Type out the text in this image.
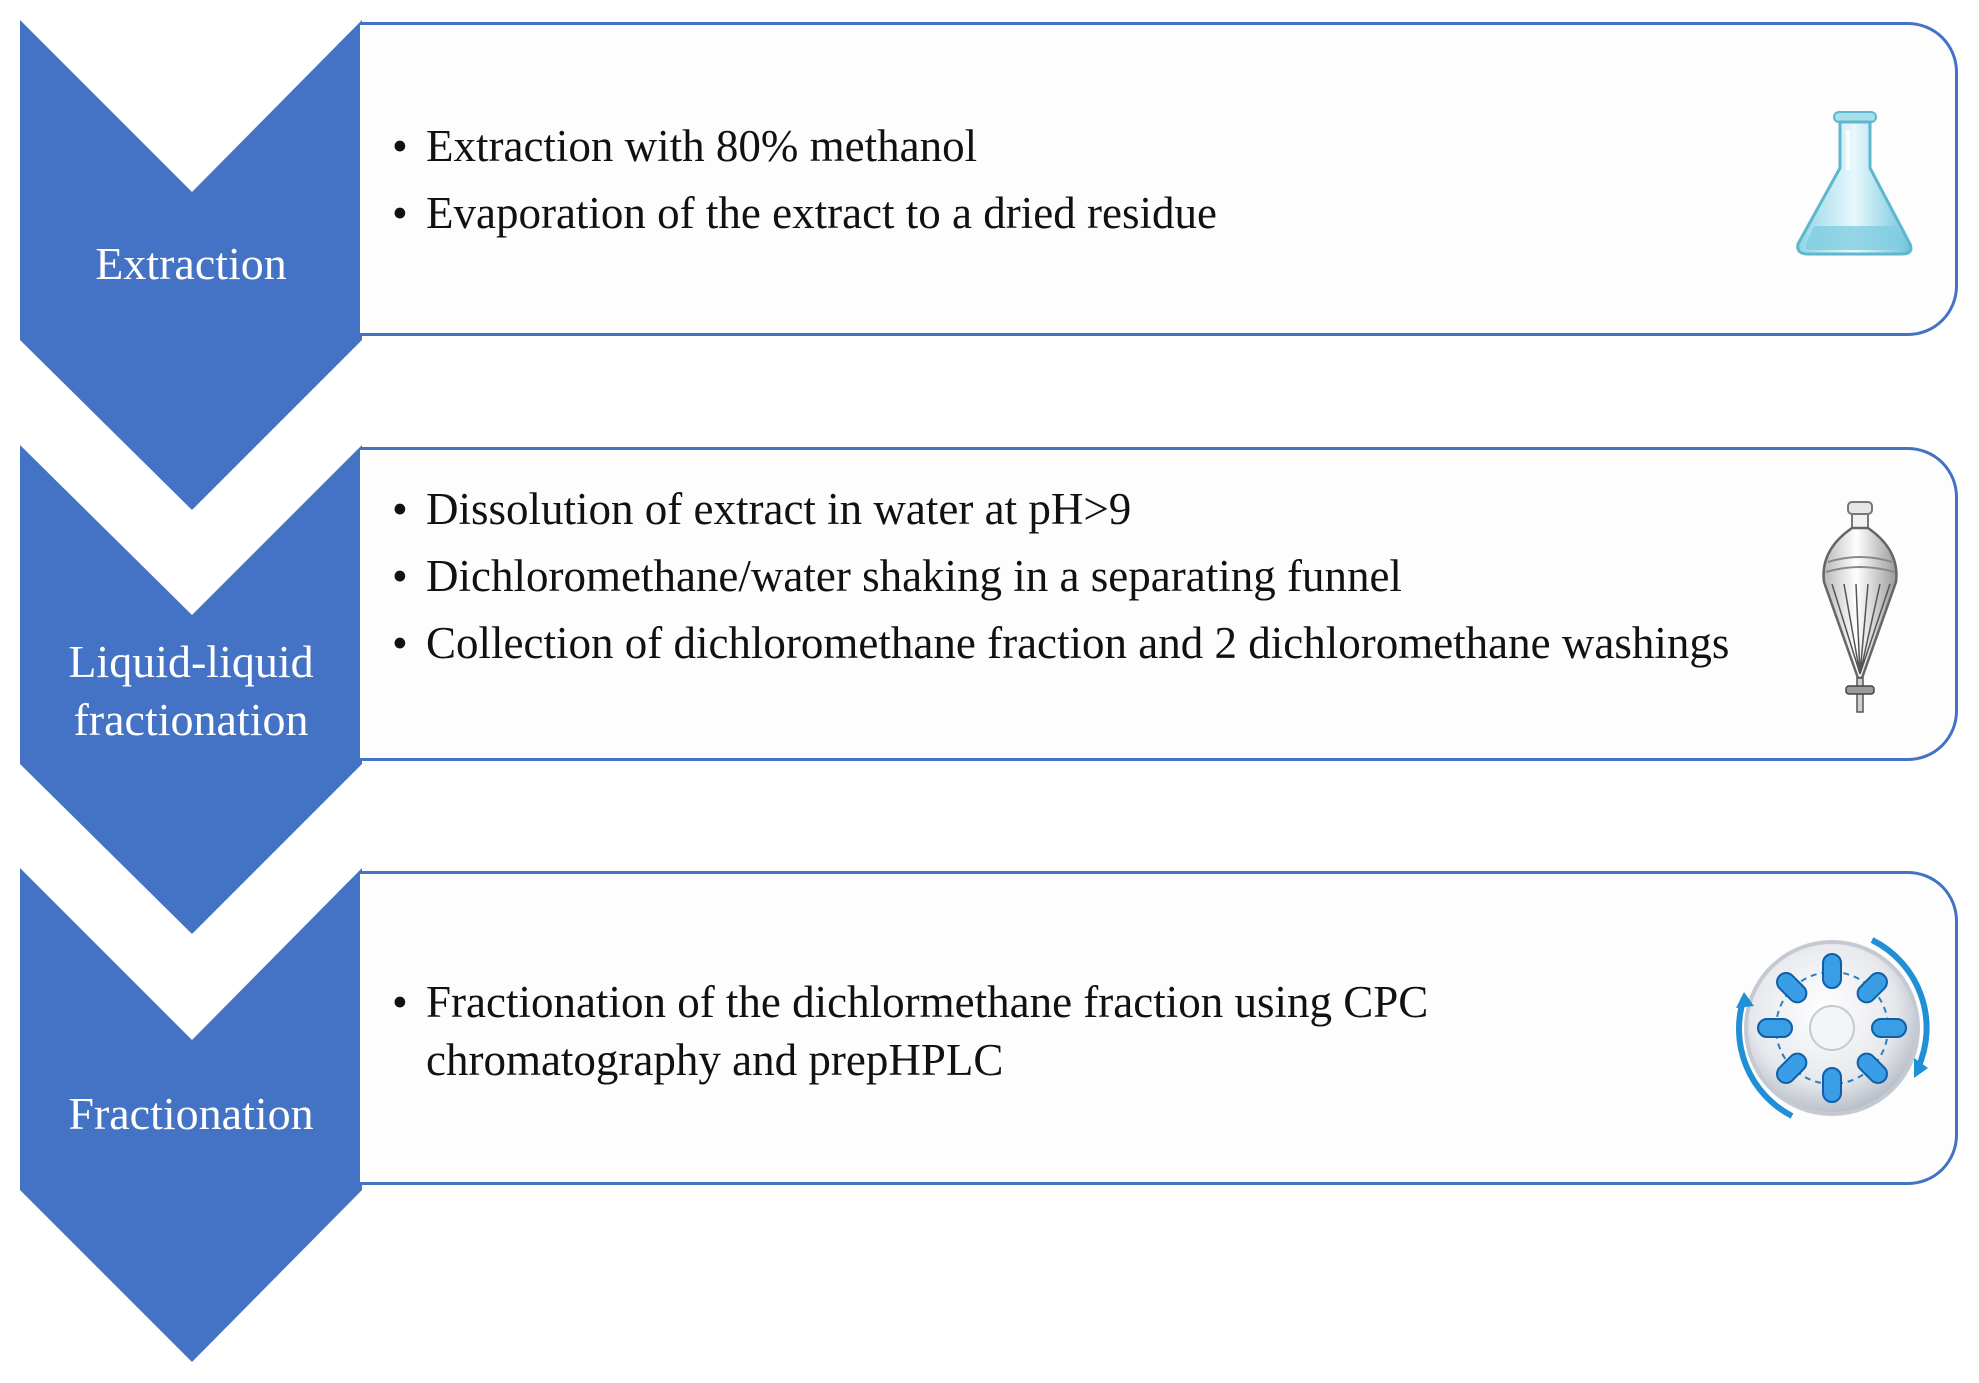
Extraction
Liquid-liquid fractionation
Fractionation
• Extraction with 80% methanol
• Evaporation of the extract to a dried residue
• Dissolution of extract in water at pH>9
• Dichloromethane/water shaking in a separating funnel
• Collection of dichloromethane fraction and 2 dichloromethane washings
• Fractionation of the dichlormethane fraction using CPC chromatography and prepHPLC
